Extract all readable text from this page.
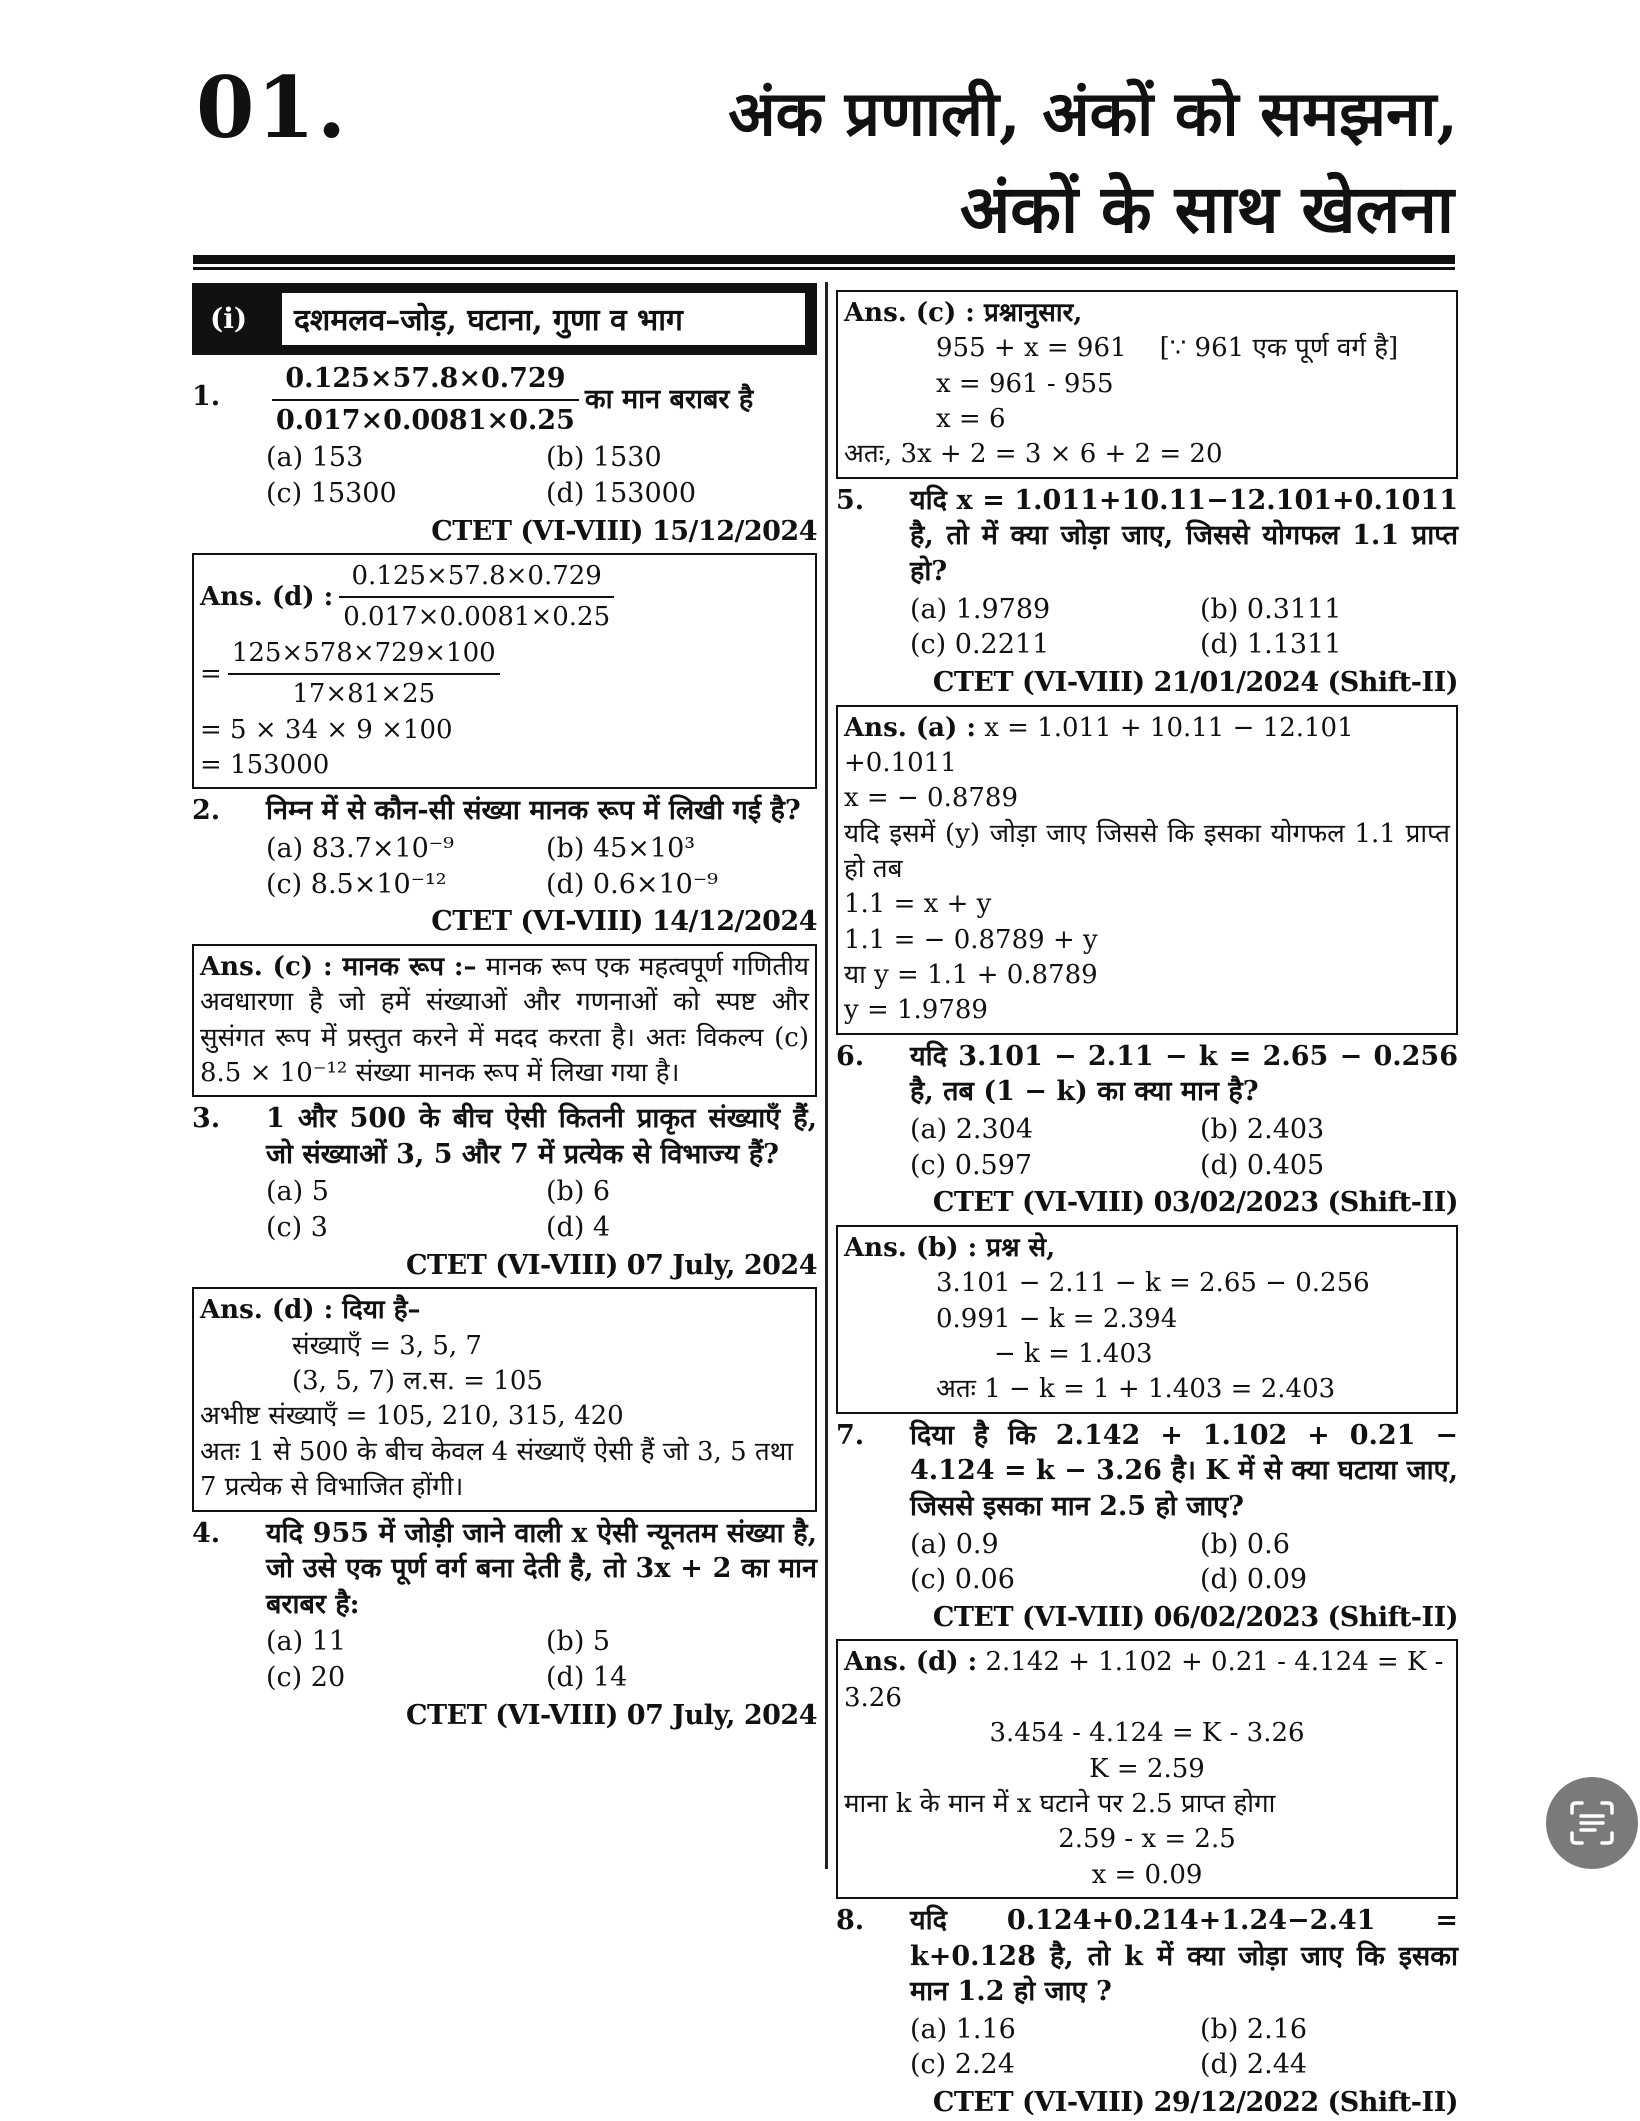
01.	अंक प्रणाली, अंकों को समझना,
अंकों के साथ खेलना
(i)	दशमलव–जोड़, घटाना, गुणा व भाग
1. $\frac{0.125\times 57.8\times 0.729}{0.017\times 0.0081\times 0.25}$ का मान बराबर है
(a) 153	(b) 1530
(c) 15300	(d) 153000
CTET (VI-VIII) 15/12/2024
Ans. (d) : $\frac{0.125\times 57.8\times 0.729}{0.017\times 0.0081\times 0.25}$
= $\frac{125\times 578\times 729\times 100}{17\times 81\times 25}$
= 5 × 34 × 9 ×100
= 153000
2. निम्न में से कौन-सी संख्या मानक रूप में लिखी गई है?
(a) 83.7×10⁻⁹	(b) 45×10³
(c) 8.5×10⁻¹²	(d) 0.6×10⁻⁹
CTET (VI-VIII) 14/12/2024
Ans. (c) : मानक रूप :– मानक रूप एक महत्वपूर्ण गणितीय अवधारणा है जो हमें संख्याओं और गणनाओं को स्पष्ट और सुसंगत रूप में प्रस्तुत करने में मदद करता है। अतः विकल्प (c) 8.5 × 10⁻¹² संख्या मानक रूप में लिखा गया है।
3. 1 और 500 के बीच ऐसी कितनी प्राकृत संख्याएँ हैं, जो संख्याओं 3, 5 और 7 में प्रत्येक से विभाज्य हैं?
(a) 5	(b) 6
(c) 3	(d) 4
CTET (VI-VIII) 07 July, 2024
Ans. (d) : दिया है–
संख्याएँ = 3, 5, 7
(3, 5, 7) ल.स. = 105
अभीष्ट संख्याएँ = 105, 210, 315, 420
अतः 1 से 500 के बीच केवल 4 संख्याएँ ऐसी हैं जो 3, 5 तथा 7 प्रत्येक से विभाजित होंगी।
4. यदि 955 में जोड़ी जाने वाली x ऐसी न्यूनतम संख्या है, जो उसे एक पूर्ण वर्ग बना देती है, तो 3x + 2 का मान बराबर है:
(a) 11	(b) 5
(c) 20	(d) 14
CTET (VI-VIII) 07 July, 2024
Ans. (c) : प्रश्नानुसार,
955 + x = 961 [∵ 961 एक पूर्ण वर्ग है]
x = 961 - 955
x = 6
अतः, 3x + 2 = 3 × 6 + 2 = 20
5. यदि x = 1.011+10.11−12.101+0.1011 है, तो में क्या जोड़ा जाए, जिससे योगफल 1.1 प्राप्त हो?
(a) 1.9789	(b) 0.3111
(c) 0.2211	(d) 1.1311
CTET (VI-VIII) 21/01/2024 (Shift-II)
Ans. (a) : x = 1.011 + 10.11 − 12.101 +0.1011
x = − 0.8789
यदि इसमें (y) जोड़ा जाए जिससे कि इसका योगफल 1.1 प्राप्त हो तब
1.1 = x + y
1.1 = − 0.8789 + y
या y = 1.1 + 0.8789
y = 1.9789
6. यदि 3.101 − 2.11 − k = 2.65 − 0.256 है, तब (1 − k) का क्या मान है?
(a) 2.304	(b) 2.403
(c) 0.597	(d) 0.405
CTET (VI-VIII) 03/02/2023 (Shift-II)
Ans. (b) : प्रश्न से,
3.101 − 2.11 − k = 2.65 − 0.256
0.991 − k = 2.394
− k = 1.403
अतः 1 − k = 1 + 1.403 = 2.403
7. दिया है कि 2.142 + 1.102 + 0.21 − 4.124 = k − 3.26 है। K में से क्या घटाया जाए, जिससे इसका मान 2.5 हो जाए?
(a) 0.9	(b) 0.6
(c) 0.06	(d) 0.09
CTET (VI-VIII) 06/02/2023 (Shift-II)
Ans. (d) : 2.142 + 1.102 + 0.21 - 4.124 = K - 3.26
3.454 - 4.124 = K - 3.26
K = 2.59
माना k के मान में x घटाने पर 2.5 प्राप्त होगा
2.59 - x = 2.5
x = 0.09
8. यदि 0.124+0.214+1.24−2.41 = k+0.128 है, तो k में क्या जोड़ा जाए कि इसका मान 1.2 हो जाए ?
(a) 1.16	(b) 2.16
(c) 2.24	(d) 2.44
CTET (VI-VIII) 29/12/2022 (Shift-II)
